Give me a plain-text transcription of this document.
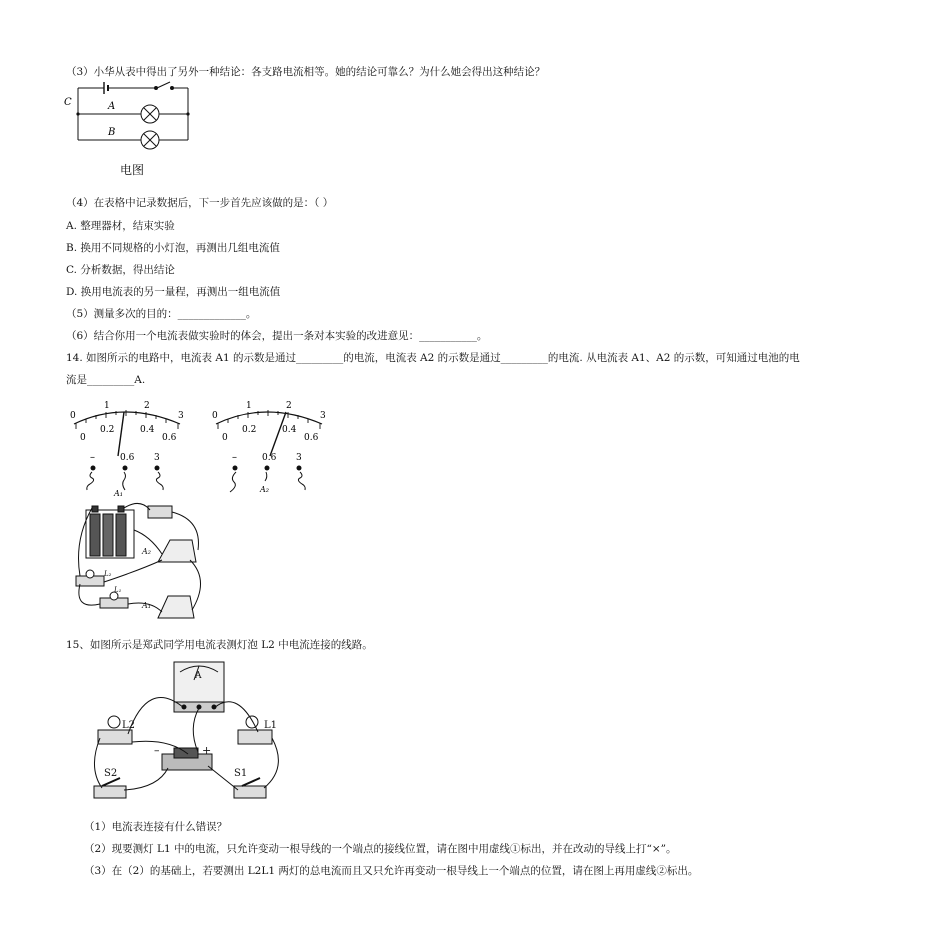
（3）小华从表中得出了另外一种结论：各支路电流相等。她的结论可靠么？为什么她会得出这种结论？
C	A
B
电图
（4）在表格中记录数据后，下一步首先应该做的是：（ ）
A. 整理器材，结束实验
B. 换用不同规格的小灯泡，再测出几组电流值
C. 分析数据，得出结论
D. 换用电流表的另一量程，再测出一组电流值
（5）测量多次的目的：_____________。
（6）结合你用一个电流表做实验时的体会，提出一条对本实验的改进意见：___________。
14. 如图所示的电路中，电流表 A1 的示数是通过_________的电流，电流表 A2 的示数是通过_________的电流. 从电流表 A1、A2 的示数，可知通过电池的电
流是_________A.
0
1	2
3
0
0.2	0.4
0.6
–	0.6 3
A₁
0
1	2
3
0
0.2	0.4
0.6
–	0.6 3
A₂
A₂
L₂
L₁
A₁
15、如图所示是郑武同学用电流表测灯泡 L2 中电流连接的线路。
A
L2	L1
–	+
S2	S1
（1）电流表连接有什么错误？
（2）现要测灯 L1 中的电流，只允许变动一根导线的一个端点的接线位置，请在图中用虚线①标出，并在改动的导线上打“×”。
（3）在（2）的基础上，若要测出 L2L1 两灯的总电流而且又只允许再变动一根导线上一个端点的位置，请在图上再用虚线②标出。
